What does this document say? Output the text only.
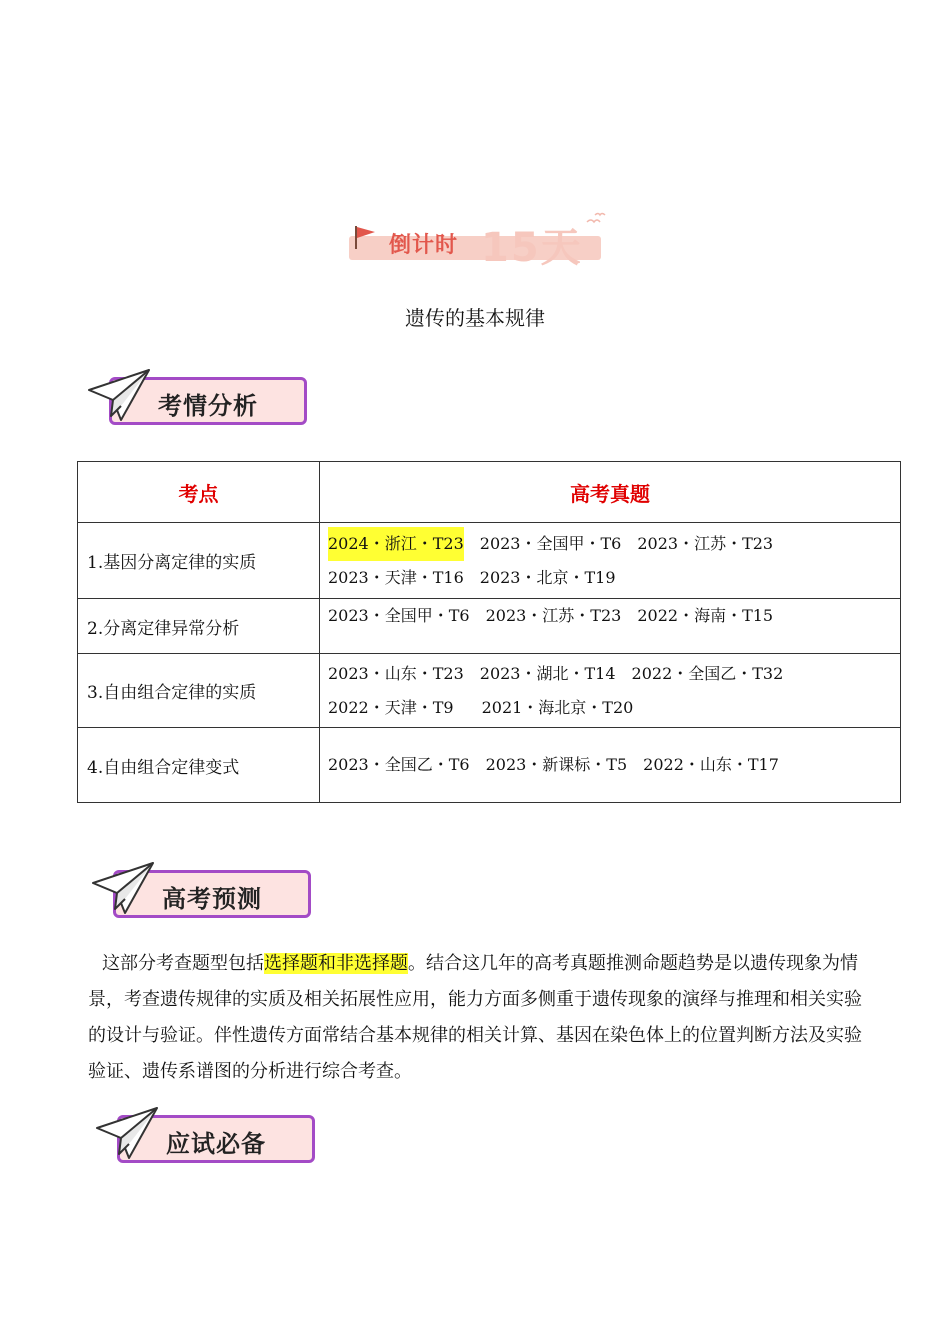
倒计时 15天
遗传的基本规律
考情分析
考点	高考真题
1.基因分离定律的实质	2024・浙江・T23 2023・全国甲・T6 2023・江苏・T23
2023・天津・T16 2023・北京・T19

2.分离定律异常分析	2023・全国甲・T6 2023・江苏・T23 2022・海南・T15

3.自由组合定律的实质	2023・山东・T23 2023・湖北・T14 2022・全国乙・T32
2022・天津・T9 2021・海北京・T20

4.自由组合定律变式	2023・全国乙・T6 2023・新课标・T5 2022・山东・T17
高考预测
这部分考查题型包括选择题和非选择题。结合这几年的高考真题推测命题趋势是以遗传现象为情景，考查遗传规律的实质及相关拓展性应用，能力方面多侧重于遗传现象的演绎与推理和相关实验的设计与验证。伴性遗传方面常结合基本规律的相关计算、基因在染色体上的位置判断方法及实验验证、遗传系谱图的分析进行综合考查。
应试必备
